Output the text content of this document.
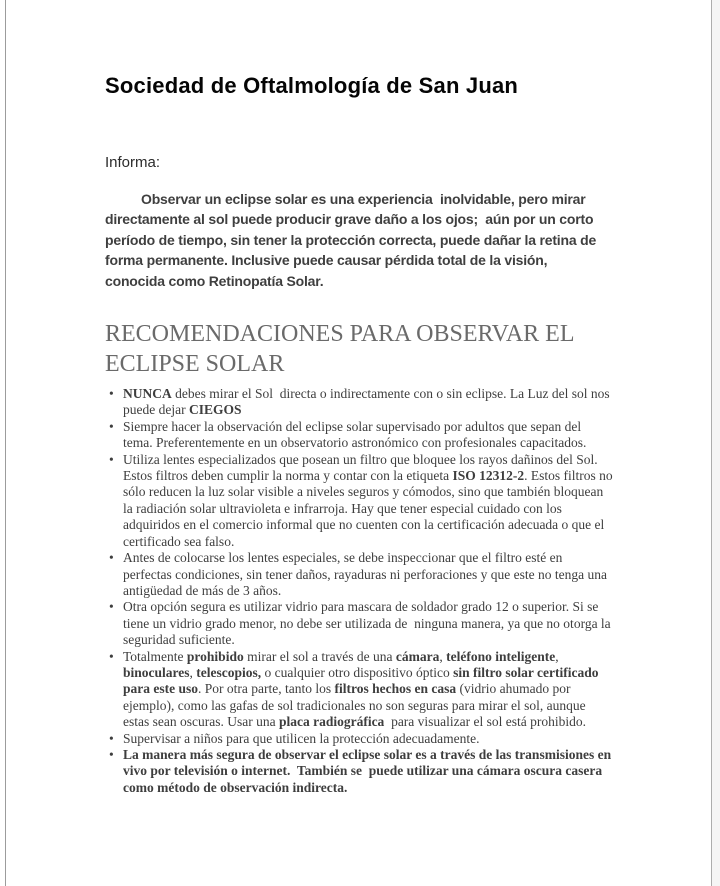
Sociedad de Oftalmología de San Juan

Informa:

Observar un eclipse solar es una experiencia  inolvidable, pero mirar directamente al sol puede producir grave daño a los ojos;  aún por un corto período de tiempo, sin tener la protección correcta, puede dañar la retina de forma permanente. Inclusive puede causar pérdida total de la visión, conocida como Retinopatía Solar.

RECOMENDACIONES PARA OBSERVAR EL ECLIPSE SOLAR
• NUNCA debes mirar el Sol  directa o indirectamente con o sin eclipse. La Luz del sol nos puede dejar CIEGOS
• Siempre hacer la observación del eclipse solar supervisado por adultos que sepan del tema. Preferentemente en un observatorio astronómico con profesionales capacitados.
• Utiliza lentes especializados que posean un filtro que bloquee los rayos dañinos del Sol. Estos filtros deben cumplir la norma y contar con la etiqueta ISO 12312-2. Estos filtros no sólo reducen la luz solar visible a niveles seguros y cómodos, sino que también bloquean la radiación solar ultravioleta e infrarroja. Hay que tener especial cuidado con los adquiridos en el comercio informal que no cuenten con la certificación adecuada o que el certificado sea falso.
• Antes de colocarse los lentes especiales, se debe inspeccionar que el filtro esté en perfectas condiciones, sin tener daños, rayaduras ni perforaciones y que este no tenga una antigüedad de más de 3 años.
• Otra opción segura es utilizar vidrio para mascara de soldador grado 12 o superior. Si se tiene un vidrio grado menor, no debe ser utilizada de  ninguna manera, ya que no otorga la seguridad suficiente.
• Totalmente prohibido mirar el sol a través de una cámara, teléfono inteligente, binoculares, telescopios, o cualquier otro dispositivo óptico sin filtro solar certificado para este uso. Por otra parte, tanto los filtros hechos en casa (vidrio ahumado por ejemplo), como las gafas de sol tradicionales no son seguras para mirar el sol, aunque estas sean oscuras. Usar una placa radiográfica  para visualizar el sol está prohibido.
• Supervisar a niños para que utilicen la protección adecuadamente.
• La manera más segura de observar el eclipse solar es a través de las transmisiones en vivo por televisión o internet.  También se  puede utilizar una cámara oscura casera como método de observación indirecta.
